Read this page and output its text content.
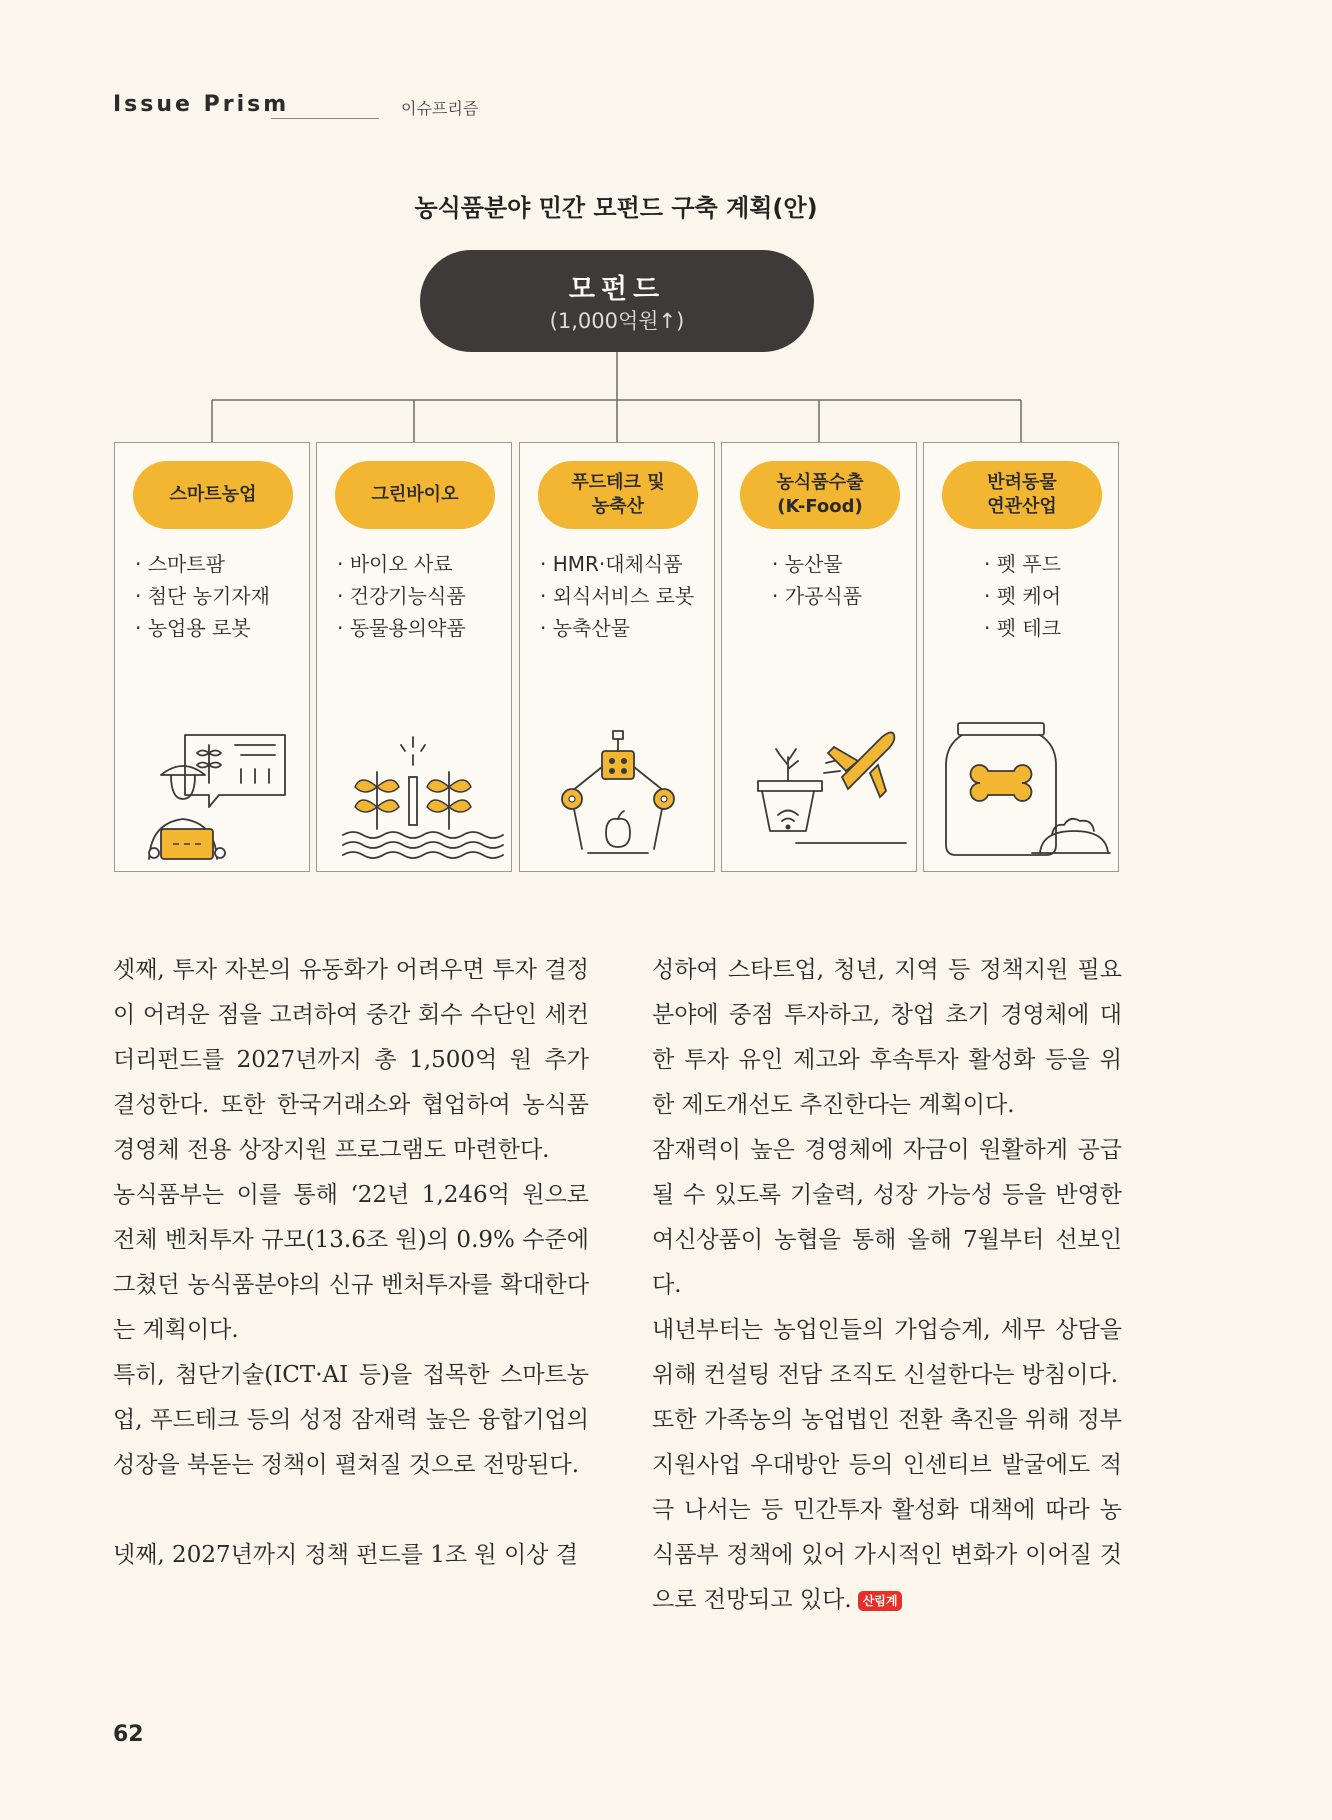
Issue Prism	이슈프리즘
농식품분야 민간 모펀드 구축 계획(안)
모펀드
(1,000억원↑)
스마트농업
· 스마트팜
· 첨단 농기자재
· 농업용 로봇
그린바이오
· 바이오 사료
· 건강기능식품
· 동물용의약품
푸드테크 및
농축산
· HMR·대체식품
· 외식서비스 로봇
· 농축산물
농식품수출
(K-Food)
· 농산물
· 가공식품
반려동물
연관산업
· 펫 푸드
· 펫 케어
· 펫 테크

셋째, 투자 자본의 유동화가 어려우면 투자 결정이 어려운 점을 고려하여 중간 회수 수단인 세컨더리펀드를 2027년까지 총 1,500억 원 추가 결성한다. 또한 한국거래소와 협업하여 농식품 경영체 전용 상장지원 프로그램도 마련한다.

농식품부는 이를 통해 ‘22년 1,246억 원으로 전체 벤처투자 규모(13.6조 원)의 0.9% 수준에 그쳤던 농식품분야의 신규 벤처투자를 확대한다는 계획이다.

특히, 첨단기술(ICT·AI 등)을 접목한 스마트농업, 푸드테크 등의 성정 잠재력 높은 융합기업의 성장을 북돋는 정책이 펼쳐질 것으로 전망된다.

넷째, 2027년까지 정책 펀드를 1조 원 이상 결

성하여 스타트업, 청년, 지역 등 정책지원 필요분야에 중점 투자하고, 창업 초기 경영체에 대한 투자 유인 제고와 후속투자 활성화 등을 위한 제도개선도 추진한다는 계획이다.

잠재력이 높은 경영체에 자금이 원활하게 공급될 수 있도록 기술력, 성장 가능성 등을 반영한 여신상품이 농협을 통해 올해 7월부터 선보인다.

내년부터는 농업인들의 가업승계, 세무 상담을 위해 컨설팅 전담 조직도 신설한다는 방침이다.

또한 가족농의 농업법인 전환 촉진을 위해 정부 지원사업 우대방안 등의 인센티브 발굴에도 적극 나서는 등 민간투자 활성화 대책에 따라 농식품부 정책에 있어 가시적인 변화가 이어질 것으로 전망되고 있다. 산림계

62
